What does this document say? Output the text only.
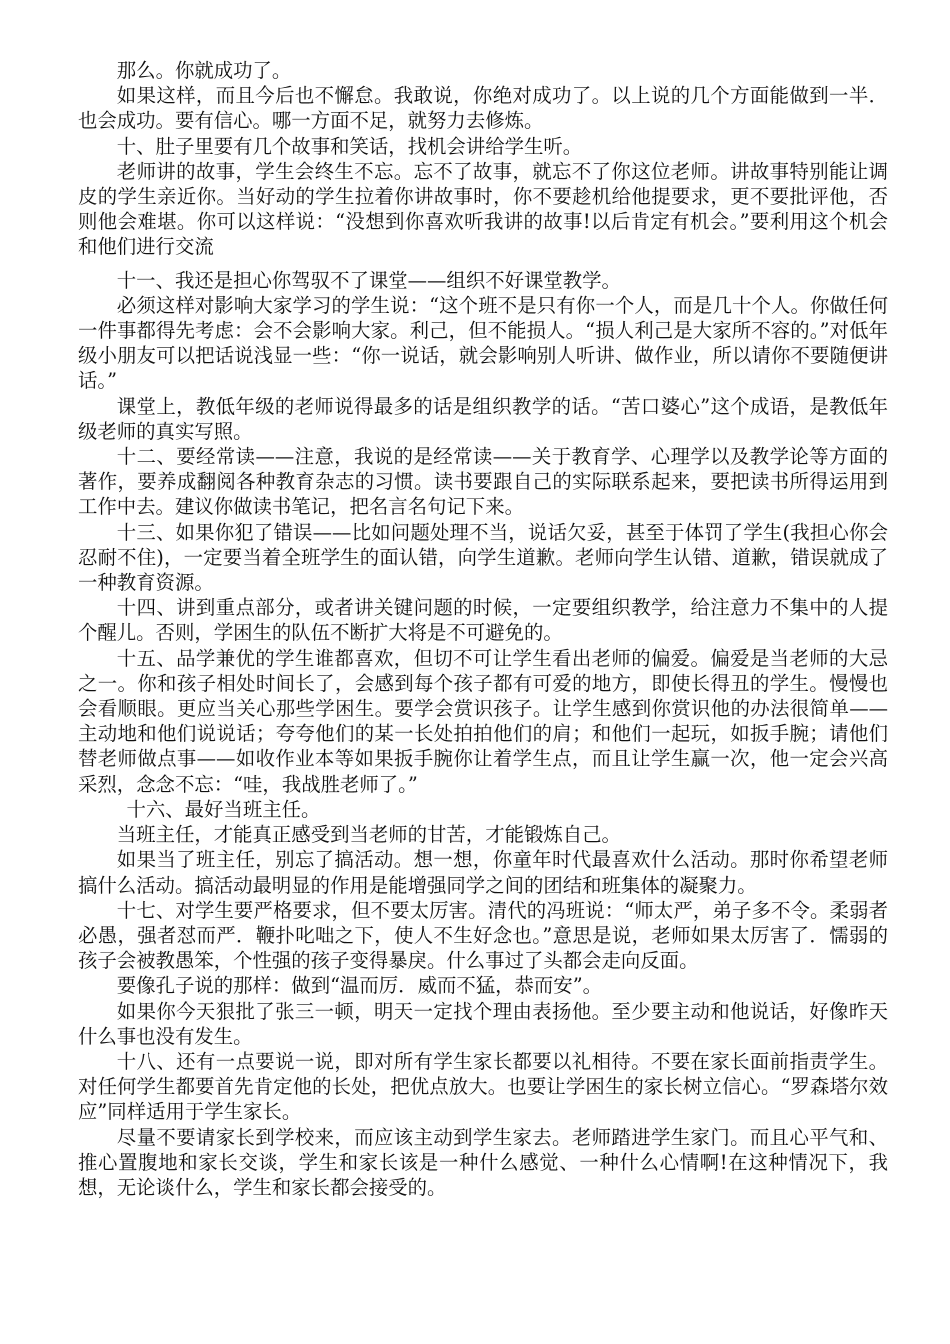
那么。你就成功了。

如果这样，而且今后也不懈怠。我敢说，你绝对成功了。以上说的几个方面能做到一半．也会成功。要有信心。哪一方面不足，就努力去修炼。

十、肚子里要有几个故事和笑话，找机会讲给学生听。

老师讲的故事，学生会终生不忘。忘不了故事，就忘不了你这位老师。讲故事特别能让调皮的学生亲近你。当好动的学生拉着你讲故事时，你不要趁机给他提要求，更不要批评他，否则他会难堪。你可以这样说：“没想到你喜欢听我讲的故事!以后肯定有机会。”要利用这个机会和他们进行交流

十一、我还是担心你驾驭不了课堂——组织不好课堂教学。

必须这样对影响大家学习的学生说：“这个班不是只有你一个人，而是几十个人。你做任何一件事都得先考虑：会不会影响大家。利己，但不能损人。“损人利己是大家所不容的。”对低年级小朋友可以把话说浅显一些：“你一说话，就会影响别人听讲、做作业，所以请你不要随便讲话。”

课堂上，教低年级的老师说得最多的话是组织教学的话。“苦口婆心”这个成语，是教低年级老师的真实写照。

十二、要经常读——注意，我说的是经常读——关于教育学、心理学以及教学论等方面的著作，要养成翻阅各种教育杂志的习惯。读书要跟自己的实际联系起来，要把读书所得运用到工作中去。建议你做读书笔记，把名言名句记下来。

十三、如果你犯了错误——比如问题处理不当，说话欠妥，甚至于体罚了学生(我担心你会忍耐不住)，一定要当着全班学生的面认错，向学生道歉。老师向学生认错、道歉，错误就成了一种教育资源。

十四、讲到重点部分，或者讲关键问题的时候，一定要组织教学，给注意力不集中的人提个醒儿。否则，学困生的队伍不断扩大将是不可避免的。

十五、品学兼优的学生谁都喜欢，但切不可让学生看出老师的偏爱。偏爱是当老师的大忌之一。你和孩子相处时间长了，会感到每个孩子都有可爱的地方，即使长得丑的学生。慢慢也会看顺眼。更应当关心那些学困生。要学会赏识孩子。让学生感到你赏识他的办法很简单——主动地和他们说说话；夸夸他们的某一长处拍拍他们的肩；和他们一起玩，如扳手腕；请他们替老师做点事——如收作业本等如果扳手腕你让着学生点，而且让学生赢一次，他一定会兴高采烈，念念不忘：“哇，我战胜老师了。”

十六、最好当班主任。

当班主任，才能真正感受到当老师的甘苦，才能锻炼自己。

如果当了班主任，别忘了搞活动。想一想，你童年时代最喜欢什么活动。那时你希望老师搞什么活动。搞活动最明显的作用是能增强同学之间的团结和班集体的凝聚力。

十七、对学生要严格要求，但不要太厉害。清代的冯班说：“师太严，弟子多不令。柔弱者必愚，强者怼而严．鞭扑叱咄之下，使人不生好念也。”意思是说，老师如果太厉害了．懦弱的孩子会被教愚笨，个性强的孩子变得暴戾。什么事过了头都会走向反面。

要像孔子说的那样：做到“温而厉．威而不猛，恭而安”。

如果你今天狠批了张三一顿，明天一定找个理由表扬他。至少要主动和他说话，好像昨天什么事也没有发生。

十八、还有一点要说一说，即对所有学生家长都要以礼相待。不要在家长面前指责学生。对任何学生都要首先肯定他的长处，把优点放大。也要让学困生的家长树立信心。“罗森塔尔效应”同样适用于学生家长。

尽量不要请家长到学校来，而应该主动到学生家去。老师踏进学生家门。而且心平气和、推心置腹地和家长交谈，学生和家长该是一种什么感觉、一种什么心情啊!在这种情况下，我想，无论谈什么，学生和家长都会接受的。
